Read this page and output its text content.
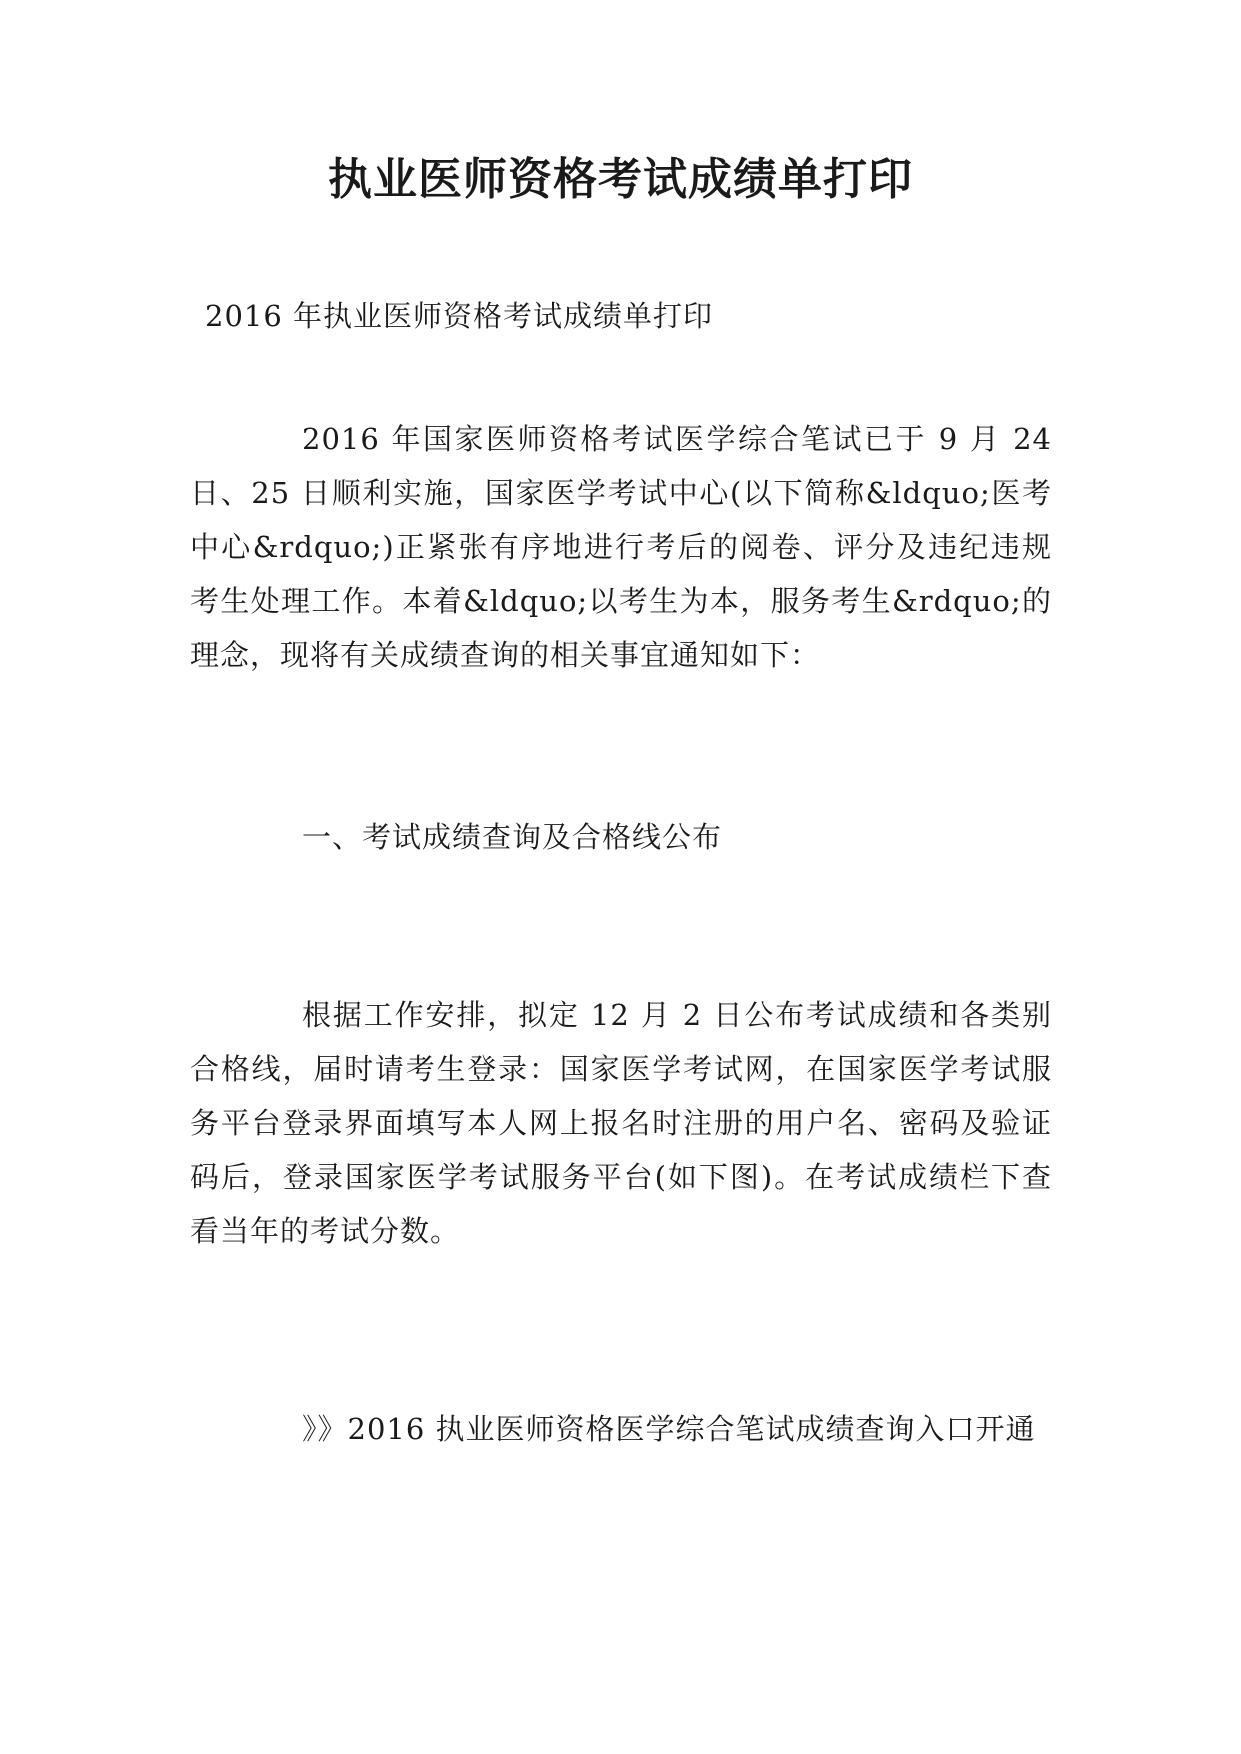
执业医师资格考试成绩单打印
2016 年执业医师资格考试成绩单打印
2016 年国家医师资格考试医学综合笔试已于 9 月 24 日、25 日顺利实施，国家医学考试中心(以下简称&ldquo;医考中心&rdquo;)正紧张有序地进行考后的阅卷、评分及违纪违规考生处理工作。本着&ldquo;以考生为本，服务考生&rdquo;的理念，现将有关成绩查询的相关事宜通知如下：
一、考试成绩查询及合格线公布
根据工作安排，拟定 12 月 2 日公布考试成绩和各类别合格线，届时请考生登录：国家医学考试网，在国家医学考试服务平台登录界面填写本人网上报名时注册的用户名、密码及验证码后，登录国家医学考试服务平台(如下图)。在考试成绩栏下查看当年的考试分数。
》》2016 执业医师资格医学综合笔试成绩查询入口开通
